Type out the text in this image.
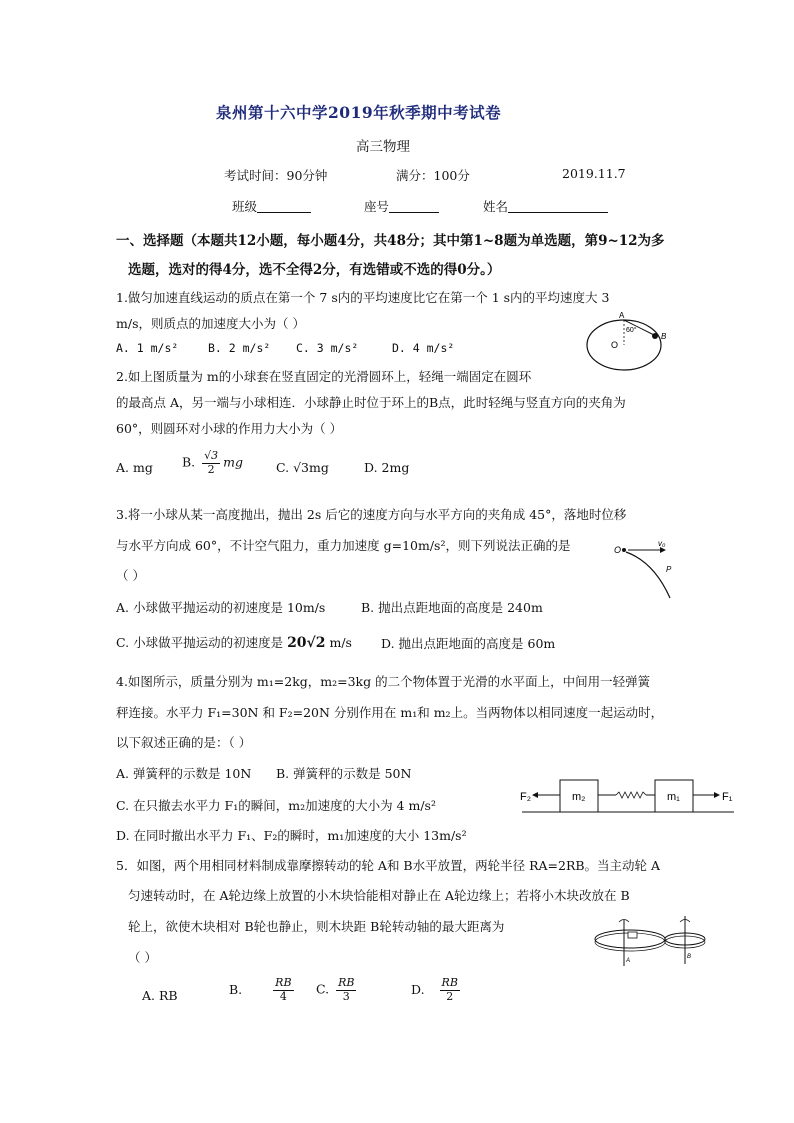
泉州第十六中学2019年秋季期中考试卷
高三物理
考试时间：90分钟	满分：100分	2019.11.7
班级	座号	姓名
一、选择题（本题共12小题，每小题4分，共48分；其中第1~8题为单选题，第9~12为多
选题，选对的得4分，选不全得2分，有选错或不选的得0分。）
1.做匀加速直线运动的质点在第一个 7 s内的平均速度比它在第一个 1 s内的平均速度大 3
m/s，则质点的加速度大小为（ ）
A. 1 m/s²	B. 2 m/s² C. 3 m/s²	D. 4 m/s²
A
B
O
60°
2.如上图质量为 m的小球套在竖直固定的光滑圆环上，轻绳一端固定在圆环
的最高点 A，另一端与小球相连．小球静止时位于环上的B点，此时轻绳与竖直方向的夹角为
60°，则圆环对小球的作用力大小为（ ）
A. mg B. $\frac{√3}{2}$ mg	C. √3mg	D. 2mg
3.将一小球从某一高度抛出，抛出 2s 后它的速度方向与水平方向的夹角成 45°，落地时位移
与水平方向成 60°，不计空气阻力，重力加速度 g=10m/s²，则下列说法正确的是
（ ）
O
v₀
P
A. 小球做平抛运动的初速度是 10m/s	B. 抛出点距地面的高度是 240m
C. 小球做平抛运动的初速度是 20√2 m/s D. 抛出点距地面的高度是 60m
4.如图所示，质量分别为 m₁=2kg，m₂=3kg 的二个物体置于光滑的水平面上，中间用一轻弹簧
秤连接。水平力 F₁=30N 和 F₂=20N 分别作用在 m₁和 m₂上。当两物体以相同速度一起运动时，
以下叙述正确的是：（ ）
A. 弹簧秤的示数是 10N B. 弹簧秤的示数是 50N
F₂	m₂	m₁	F₁
C. 在只撤去水平力 F₁的瞬间，m₂加速度的大小为 4 m/s²
D. 在同时撤出水平力 F₁、F₂的瞬时，m₁加速度的大小 13m/s²
5．如图，两个用相同材料制成靠摩擦转动的轮 A和 B水平放置，两轮半径 RA=2RB。当主动轮 A
匀速转动时，在 A轮边缘上放置的小木块恰能相对静止在 A轮边缘上；若将小木块改放在 B
轮上，欲使木块相对 B轮也静止，则木块距 B轮转动轴的最大距离为
（ ）	A
B
A. RB	B.	$\frac{RB}{4} C$. $\frac{RB}{3}$	D. $\frac{RB}{2}$
